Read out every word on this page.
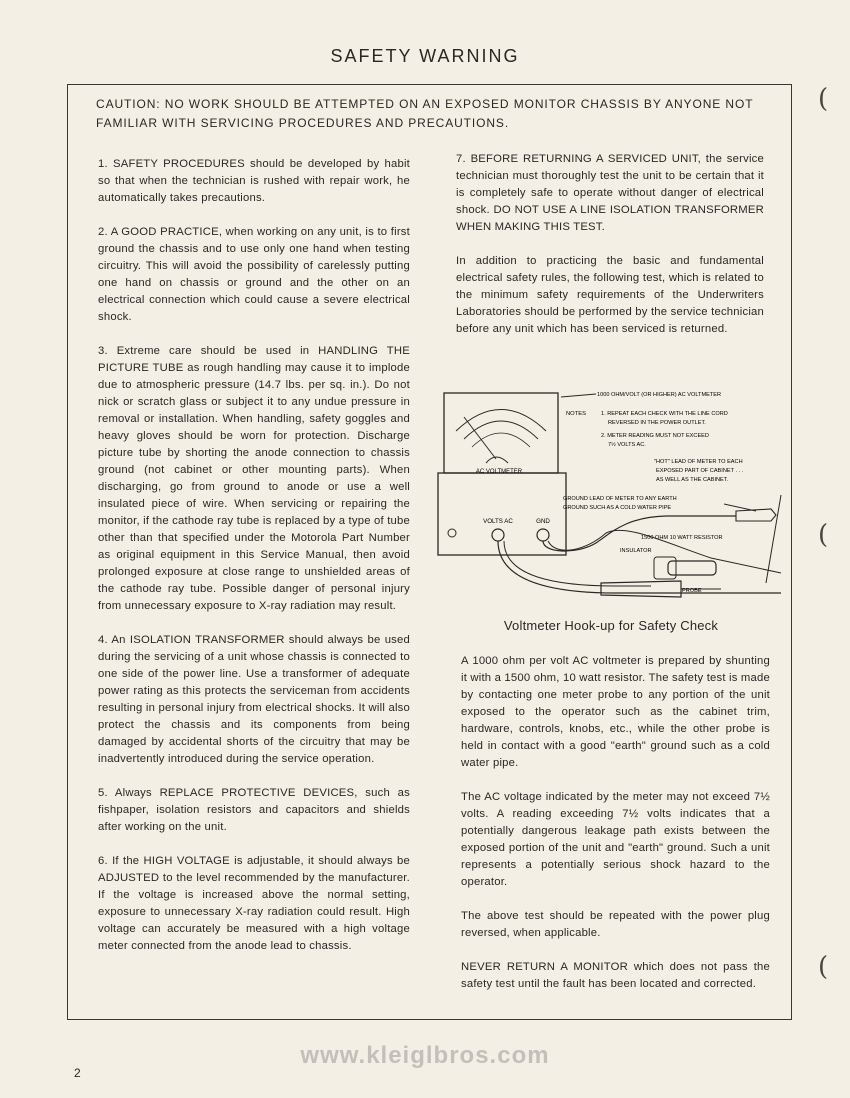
SAFETY WARNING
CAUTION: NO WORK SHOULD BE ATTEMPTED ON AN EXPOSED MONITOR CHASSIS BY ANYONE NOT FAMILIAR WITH SERVICING PROCEDURES AND PRECAUTIONS.

1. SAFETY PROCEDURES should be developed by habit so that when the technician is rushed with repair work, he automatically takes precautions.

2. A GOOD PRACTICE, when working on any unit, is to first ground the chassis and to use only one hand when testing circuitry. This will avoid the possibility of carelessly putting one hand on chassis or ground and the other on an electrical connection which could cause a severe electrical shock.

3. Extreme care should be used in HANDLING THE PICTURE TUBE as rough handling may cause it to implode due to atmospheric pressure (14.7 lbs. per sq. in.). Do not nick or scratch glass or subject it to any undue pressure in removal or installation. When handling, safety goggles and heavy gloves should be worn for protection. Discharge picture tube by shorting the anode connection to chassis ground (not cabinet or other mounting parts). When discharging, go from ground to anode or use a well insulated piece of wire. When servicing or repairing the monitor, if the cathode ray tube is replaced by a type of tube other than that specified under the Motorola Part Number as original equipment in this Service Manual, then avoid prolonged exposure at close range to unshielded areas of the cathode ray tube. Possible danger of personal injury from unnecessary exposure to X-ray radiation may result.

4. An ISOLATION TRANSFORMER should always be used during the servicing of a unit whose chassis is connected to one side of the power line. Use a transformer of adequate power rating as this protects the serviceman from accidents resulting in personal injury from electrical shocks. It will also protect the chassis and its components from being damaged by accidental shorts of the circuitry that may be inadvertently introduced during the service operation.

5. Always REPLACE PROTECTIVE DEVICES, such as fishpaper, isolation resistors and capacitors and shields after working on the unit.

6. If the HIGH VOLTAGE is adjustable, it should always be ADJUSTED to the level recommended by the manufacturer. If the voltage is increased above the normal setting, exposure to unnecessary X-ray radiation could result. High voltage can accurately be measured with a high voltage meter connected from the anode lead to chassis.

7. BEFORE RETURNING A SERVICED UNIT, the service technician must thoroughly test the unit to be certain that it is completely safe to operate without danger of electrical shock. DO NOT USE A LINE ISOLATION TRANSFORMER WHEN MAKING THIS TEST.

In addition to practicing the basic and fundamental electrical safety rules, the following test, which is related to the minimum safety requirements of the Underwriters Laboratories should be performed by the service technician before any unit which has been serviced is returned.

AC VOLTMETER
VOLTS AC	GND
1000 OHM/VOLT (OR HIGHER) AC VOLTMETER
NOTES	1. REPEAT EACH CHECK WITH THE LINE CORD
REVERSED IN THE POWER OUTLET.
2. METER READING MUST NOT EXCEED
7½ VOLTS AC.
"HOT" LEAD OF METER TO EACH
EXPOSED PART OF CABINET . . .
AS WELL AS THE CABINET.
GROUND LEAD OF METER TO ANY EARTH
GROUND SUCH AS A COLD WATER PIPE
1500 OHM 10 WATT RESISTOR
INSULATOR
PROBE
Voltmeter Hook-up for Safety Check

A 1000 ohm per volt AC voltmeter is prepared by shunting it with a 1500 ohm, 10 watt resistor. The safety test is made by contacting one meter probe to any portion of the unit exposed to the operator such as the cabinet trim, hardware, controls, knobs, etc., while the other probe is held in contact with a good "earth" ground such as a cold water pipe.

The AC voltage indicated by the meter may not exceed 7½ volts. A reading exceeding 7½ volts indicates that a potentially dangerous leakage path exists between the exposed portion of the unit and "earth" ground. Such a unit represents a potentially serious shock hazard to the operator.

The above test should be repeated with the power plug reversed, when applicable.

NEVER RETURN A MONITOR which does not pass the safety test until the fault has been located and corrected.

(
(
(
www.kleiglbros.com
2
